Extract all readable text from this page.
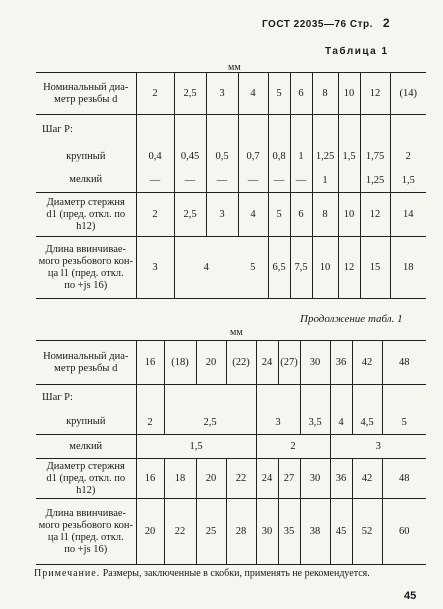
ГОСТ 22035—76 Стр. 2
Таблица 1
мм
Номинальный диа-
метр резьбы d	2	2,5	3	4	5	6	8	10	12	(14)
Шаг P:										
крупный	0,4	0,45	0,5	0,7	0,8	1	1,25	1,5	1,75	2
мелкий	—	—	—	—	—	—	1		1,25	1,5
Диаметр стержня
d1 (пред. откл. по h12)	2	2,5	3	4	5	6	8	10	12	14
Длина ввинчивае-
мого резьбового кон-
ца l1 (пред. откл.
по +js 16)	3	4		5	6,5	7,5	10	12	15	18
Продолжение табл. 1
мм
Номинальный диа-
метр резьбы d	16	(18)	20	(22)	24	(27)	30	36	42	48
Шаг P:										
крупный	2	2,5			3		3,5	4	4,5	5
мелкий	1,5				2			3		
Диаметр стержня
d1 (пред. откл. по h12)	16	18	20	22	24	27	30	36	42	48
Длина ввинчивае-
мого резьбового кон-
ца l1 (пред. откл.
по +js 16)	20	22	25	28	30	35	38	45	52	60
Примечание. Размеры, заключенные в скобки, применять не рекомендуется.
45
